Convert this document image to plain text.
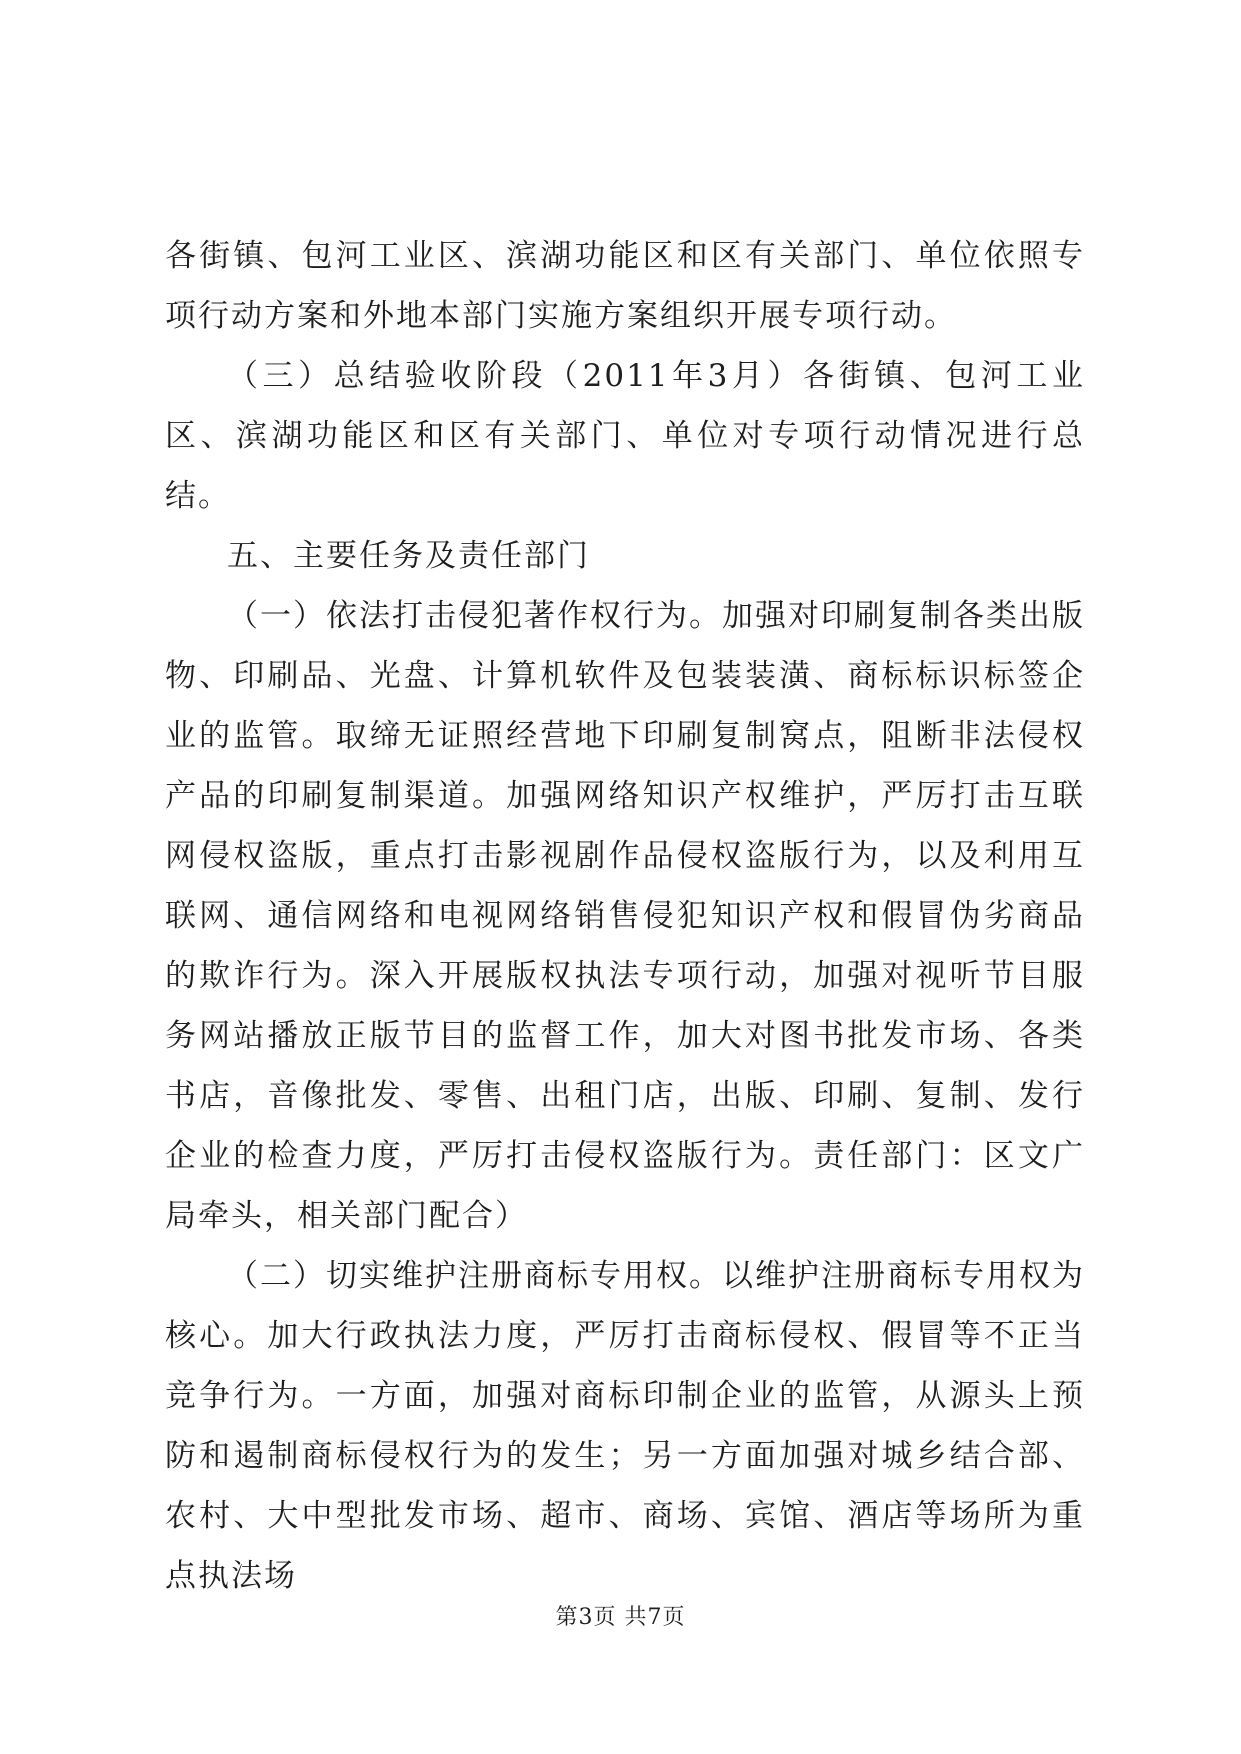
各街镇、包河工业区、滨湖功能区和区有关部门、单位依照专项行动方案和外地本部门实施方案组织开展专项行动。

（三）总结验收阶段（2011年3月）各街镇、包河工业区、滨湖功能区和区有关部门、单位对专项行动情况进行总结。

五、主要任务及责任部门

（一）依法打击侵犯著作权行为。加强对印刷复制各类出版物、印刷品、光盘、计算机软件及包装装潢、商标标识标签企业的监管。取缔无证照经营地下印刷复制窝点，阻断非法侵权产品的印刷复制渠道。加强网络知识产权维护，严厉打击互联网侵权盗版，重点打击影视剧作品侵权盗版行为，以及利用互联网、通信网络和电视网络销售侵犯知识产权和假冒伪劣商品的欺诈行为。深入开展版权执法专项行动，加强对视听节目服务网站播放正版节目的监督工作，加大对图书批发市场、各类书店，音像批发、零售、出租门店，出版、印刷、复制、发行企业的检查力度，严厉打击侵权盗版行为。责任部门：区文广局牵头，相关部门配合）

（二）切实维护注册商标专用权。以维护注册商标专用权为核心。加大行政执法力度，严厉打击商标侵权、假冒等不正当竞争行为。一方面，加强对商标印制企业的监管，从源头上预防和遏制商标侵权行为的发生；另一方面加强对城乡结合部、农村、大中型批发市场、超市、商场、宾馆、酒店等场所为重点执法场

第3页 共7页
